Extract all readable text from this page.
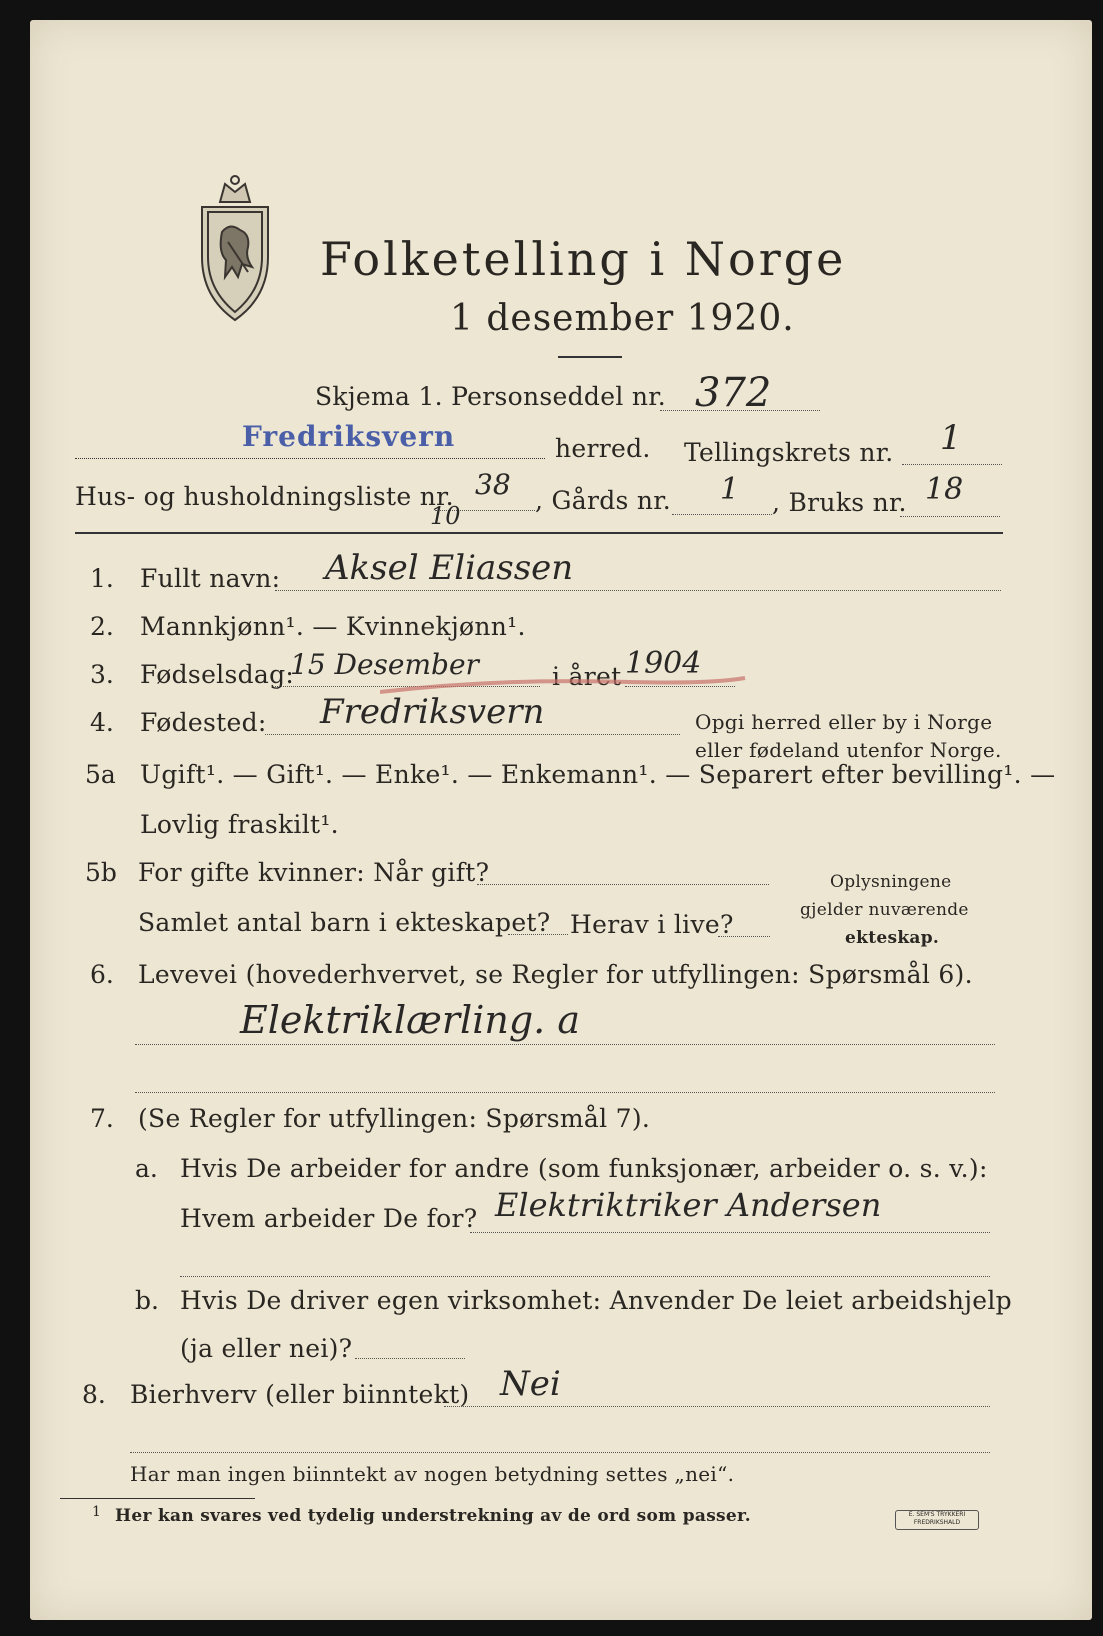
Folketelling i Norge
1 desember 1920.
Skjema 1. Personseddel nr. 372
Fredriksvern	herred. Tellingskrets nr. 1
Hus- og husholdningsliste nr. 38
10
, Gårds nr. 1 , Bruks nr. 18
1. Fullt navn: Aksel Eliassen
2. Mannkjønn¹. — Kvinnekjønn¹.
3. Fødselsdag:
15 Desember	i året 1904
4. Fødested: Fredriksvern	Opgi herred eller by i Norge
eller fødeland utenfor Norge.
5a Ugift¹. — Gift¹. — Enke¹. — Enkemann¹. — Separert efter bevilling¹. —
Lovlig fraskilt¹.
5b For gifte kvinner: Når gift?
Samlet antal barn i ekteskapet? Herav i live?
Oplysningene
gjelder nuværende
ekteskap.
6. Levevei (hovederhvervet, se Regler for utfyllingen: Spørsmål 6).
Elektriklærling. a
7. (Se Regler for utfyllingen: Spørsmål 7).
a. Hvis De arbeider for andre (som funksjonær, arbeider o. s. v.):
Hvem arbeider De for? Elektriktriker Andersen
b. Hvis De driver egen virksomhet: Anvender De leiet arbeidshjelp
(ja eller nei)?
8. Bierhverv (eller biinntekt) Nei
Har man ingen biinntekt av nogen betydning settes „nei“.
1 Her kan svares ved tydelig understrekning av de ord som passer.	E. SEM'S TRYKKERI FREDRIKSHALD
